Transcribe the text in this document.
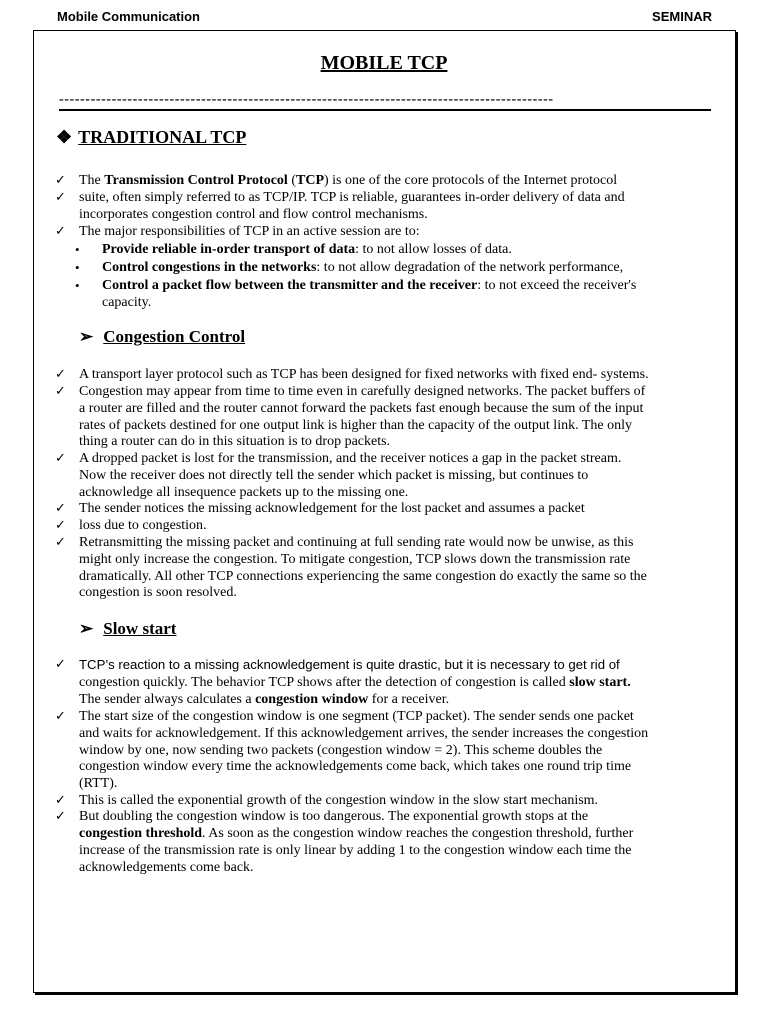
Mobile Communication	SEMINAR
MOBILE TCP
----------------------------------------------------------------------------------------------
❖ TRADITIONAL TCP
✓ The Transmission Control Protocol (TCP) is one of the core protocols of the Internet protocol
✓ suite, often simply referred to as TCP/IP. TCP is reliable, guarantees in-order delivery of data and
incorporates congestion control and flow control mechanisms.
✓ The major responsibilities of TCP in an active session are to:
• Provide reliable in-order transport of data: to not allow losses of data.
• Control congestions in the networks: to not allow degradation of the network performance,
• Control a packet flow between the transmitter and the receiver: to not exceed the receiver's
capacity.
➢ Congestion Control
✓ A transport layer protocol such as TCP has been designed for fixed networks with fixed end- systems.
✓ Congestion may appear from time to time even in carefully designed networks. The packet buffers of
a router are filled and the router cannot forward the packets fast enough because the sum of the input
rates of packets destined for one output link is higher than the capacity of the output link. The only
thing a router can do in this situation is to drop packets.
✓ A dropped packet is lost for the transmission, and the receiver notices a gap in the packet stream.
Now the receiver does not directly tell the sender which packet is missing, but continues to
acknowledge all insequence packets up to the missing one.
✓ The sender notices the missing acknowledgement for the lost packet and assumes a packet
✓ loss due to congestion.
✓ Retransmitting the missing packet and continuing at full sending rate would now be unwise, as this
might only increase the congestion. To mitigate congestion, TCP slows down the transmission rate
dramatically. All other TCP connections experiencing the same congestion do exactly the same so the
congestion is soon resolved.
➢ Slow start
✓ TCP’s reaction to a missing acknowledgement is quite drastic, but it is necessary to get rid of
congestion quickly. The behavior TCP shows after the detection of congestion is called slow start.
The sender always calculates a congestion window for a receiver.
✓ The start size of the congestion window is one segment (TCP packet). The sender sends one packet
and waits for acknowledgement. If this acknowledgement arrives, the sender increases the congestion
window by one, now sending two packets (congestion window = 2). This scheme doubles the
congestion window every time the acknowledgements come back, which takes one round trip time
(RTT).
✓ This is called the exponential growth of the congestion window in the slow start mechanism.
✓ But doubling the congestion window is too dangerous. The exponential growth stops at the
congestion threshold. As soon as the congestion window reaches the congestion threshold, further
increase of the transmission rate is only linear by adding 1 to the congestion window each time the
acknowledgements come back.
